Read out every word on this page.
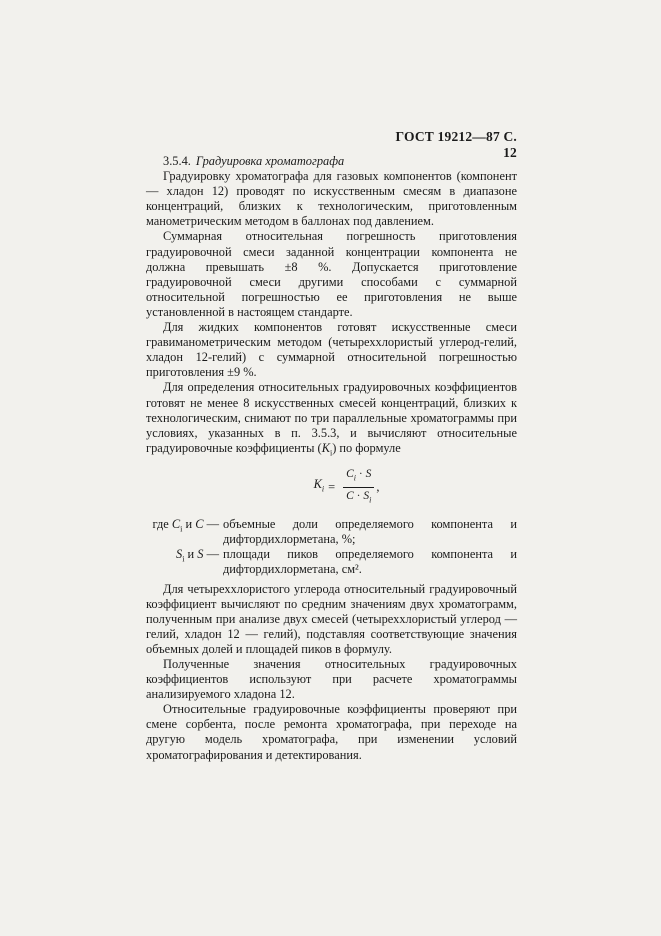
ГОСТ 19212—87 С. 12
3.5.4. Градуировка хроматографа

Градуировку хроматографа для газовых компонентов (компонент — хладон 12) проводят по искусственным смесям в диапазоне концентраций, близких к технологическим, приготовленным манометрическим методом в баллонах под давлением.

Суммарная относительная погрешность приготовления градуировочной смеси заданной концентрации компонента не должна превышать ±8 %. Допускается приготовление градуировочной смеси другими способами с суммарной относительной погрешностью ее приготовления не выше установленной в настоящем стандарте.

Для жидких компонентов готовят искусственные смеси гравиманометрическим методом (четыреххлористый углерод-гелий, хладон 12-гелий) с суммарной относительной погрешностью приготовления ±9 %.

Для определения относительных градуировочных коэффициентов готовят не менее 8 искусственных смесей концентраций, близких к технологическим, снимают по три параллельные хроматограммы при условиях, указанных в п. 3.5.3, и вычисляют относительные градуировочные коэффициенты $(K_i)$ по формуле

$K_i = \frac{C_i \cdot S}{C \cdot S_i}$ ,
где $C_i$ и C — объемные доли определяемого компонента и дифтордихлорметана, %;
$S_i$ и S — площади пиков определяемого компонента и дифтордихлорметана, см².

Для четыреххлористого углерода относительный градуировочный коэффициент вычисляют по средним значениям двух хроматограмм, полученным при анализе двух смесей (четыреххлористый углерод — гелий, хладон 12 — гелий), подставляя соответствующие значения объемных долей и площадей пиков в формулу.

Полученные значения относительных градуировочных коэффициентов используют при расчете хроматограммы анализируемого хладона 12.

Относительные градуировочные коэффициенты проверяют при смене сорбента, после ремонта хроматографа, при переходе на другую модель хроматографа, при изменении условий хроматографирования и детектирования.
